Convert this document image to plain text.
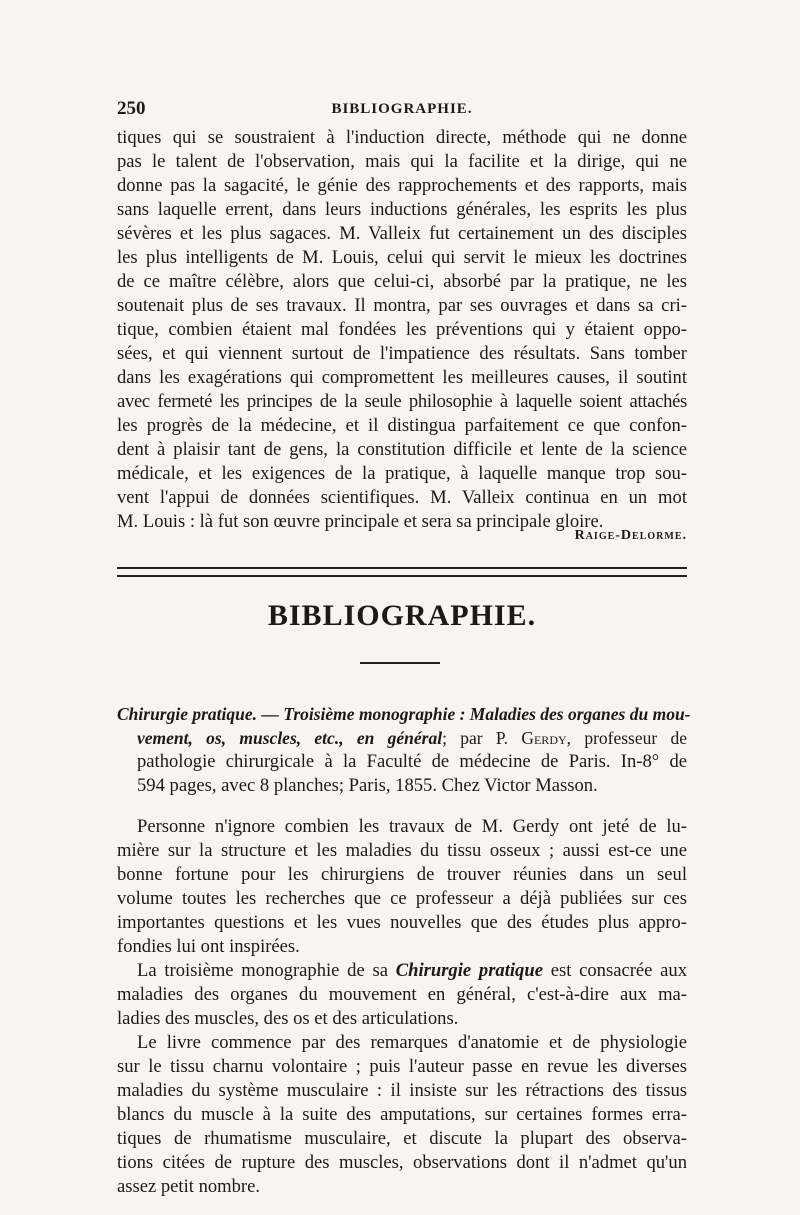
250	BIBLIOGRAPHIE.
tiques qui se soustraient à l'induction directe, méthode qui ne donne
pas le talent de l'observation, mais qui la facilite et la dirige, qui ne
donne pas la sagacité, le génie des rapprochements et des rapports, mais
sans laquelle errent, dans leurs inductions générales, les esprits les plus
sévères et les plus sagaces. M. Valleix fut certainement un des disciples
les plus intelligents de M. Louis, celui qui servit le mieux les doctrines
de ce maître célèbre, alors que celui-ci, absorbé par la pratique, ne les
soutenait plus de ses travaux. Il montra, par ses ouvrages et dans sa cri-
tique, combien étaient mal fondées les préventions qui y étaient oppo-
sées, et qui viennent surtout de l'impatience des résultats. Sans tomber
dans les exagérations qui compromettent les meilleures causes, il soutint
avec fermeté les principes de la seule philosophie à laquelle soient attachés
les progrès de la médecine, et il distingua parfaitement ce que confon-
dent à plaisir tant de gens, la constitution difficile et lente de la science
médicale, et les exigences de la pratique, à laquelle manque trop sou-
vent l'appui de données scientifiques. M. Valleix continua en un mot
M. Louis : là fut son œuvre principale et sera sa principale gloire.
Raige-Delorme.
BIBLIOGRAPHIE.
Chirurgie pratique. — Troisième monographie : Maladies des organes du mou-
vement, os, muscles, etc., en général; par P. Gerdy, professeur de
pathologie chirurgicale à la Faculté de médecine de Paris. In-8° de
594 pages, avec 8 planches; Paris, 1855. Chez Victor Masson.
Personne n'ignore combien les travaux de M. Gerdy ont jeté de lu-
mière sur la structure et les maladies du tissu osseux ; aussi est-ce une
bonne fortune pour les chirurgiens de trouver réunies dans un seul
volume toutes les recherches que ce professeur a déjà publiées sur ces
importantes questions et les vues nouvelles que des études plus appro-
fondies lui ont inspirées.
La troisième monographie de sa Chirurgie pratique est consacrée aux
maladies des organes du mouvement en général, c'est-à-dire aux ma-
ladies des muscles, des os et des articulations.
Le livre commence par des remarques d'anatomie et de physiologie
sur le tissu charnu volontaire ; puis l'auteur passe en revue les diverses
maladies du système musculaire : il insiste sur les rétractions des tissus
blancs du muscle à la suite des amputations, sur certaines formes erra-
tiques de rhumatisme musculaire, et discute la plupart des observa-
tions citées de rupture des muscles, observations dont il n'admet qu'un
assez petit nombre.
